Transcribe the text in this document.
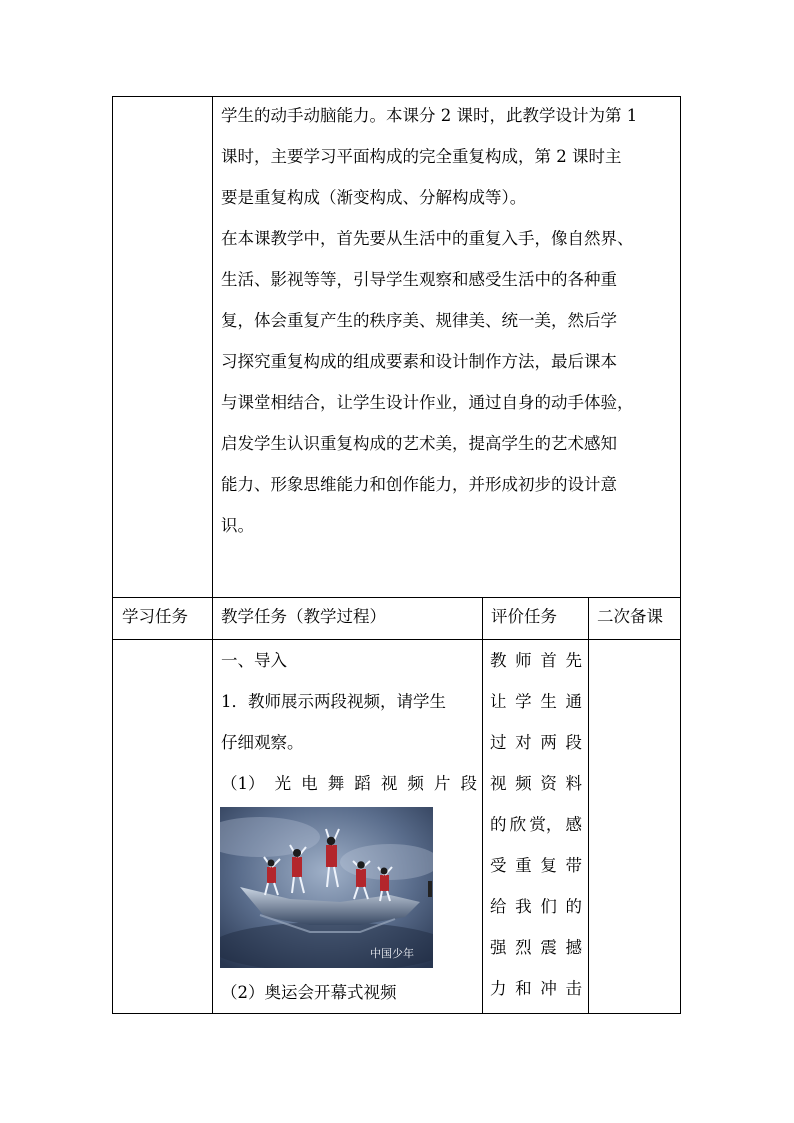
学生的动手动脑能力。本课分 2 课时，此教学设计为第 1

课时，主要学习平面构成的完全重复构成，第 2 课时主

要是重复构成（渐变构成、分解构成等）。

在本课教学中，首先要从生活中的重复入手，像自然界、

生活、影视等等，引导学生观察和感受生活中的各种重

复，体会重复产生的秩序美、规律美、统一美，然后学

习探究重复构成的组成要素和设计制作方法，最后课本

与课堂相结合，让学生设计作业，通过自身的动手体验，

启发学生认识重复构成的艺术美，提高学生的艺术感知

能力、形象思维能力和创作能力，并形成初步的设计意

识。

学习任务 教学任务（教学过程）	评价任务 二次备课

一、导入

1．教师展示两段视频，请学生

仔细观察。

（1） 光 电 舞 蹈 视 频 片 段

中国少年

（2）奥运会开幕式视频

教 师 首 先

让 学 生 通

过 对 两 段

视 频 资 料

的 欣 赏， 感

受 重 复 带

给 我 们 的

强 烈 震 撼

力 和 冲 击
